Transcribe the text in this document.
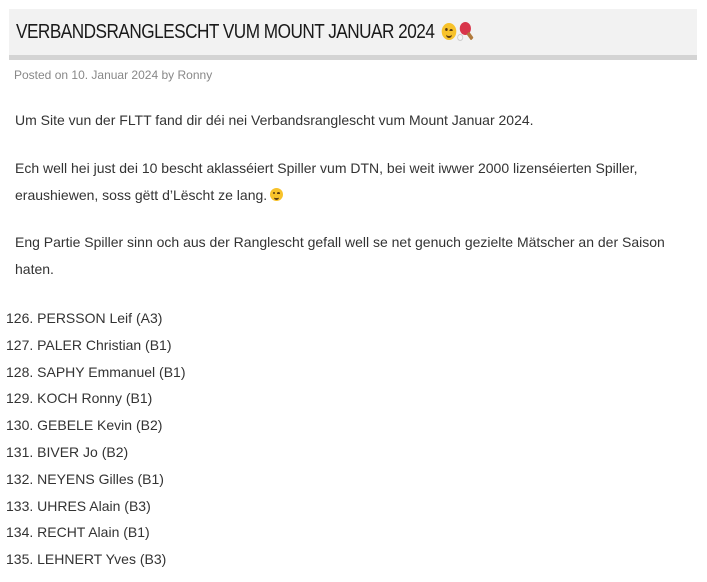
VERBANDSRANGLESCHT VUM MOUNT JANUAR 2024
Posted on 10. Januar 2024 by Ronny

Um Site vun der FLTT fand dir déi nei Verbandsranglescht vum Mount Januar 2024.

Ech well hei just dei 10 bescht aklasséiert Spiller vum DTN, bei weit iwwer 2000 lizenséierten Spiller, eraushiewen, soss gëtt d’Lëscht ze lang.

Eng Partie Spiller sinn och aus der Ranglescht gefall well se net genuch gezielte Mätscher an der Saison haten.

126. PERSSON Leif (A3)
127. PALER Christian (B1)
128. SAPHY Emmanuel (B1)
129. KOCH Ronny (B1)
130. GEBELE Kevin (B2)
131. BIVER Jo (B2)
132. NEYENS Gilles (B1)
133. UHRES Alain (B3)
134. RECHT Alain (B1)
135. LEHNERT Yves (B3)
